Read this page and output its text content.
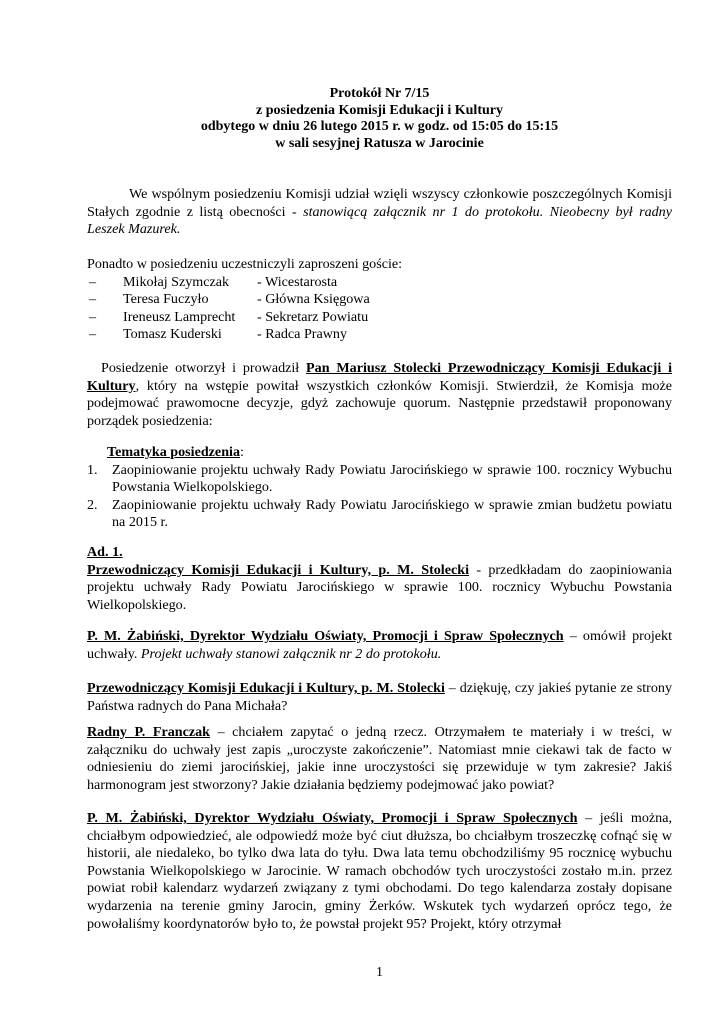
Protokół Nr 7/15
z posiedzenia Komisji Edukacji i Kultury
odbytego w dniu 26 lutego 2015 r. w godz. od 15:05 do 15:15
w sali sesyjnej Ratusza w Jarocinie

We wspólnym posiedzeniu Komisji udział wzięli wszyscy członkowie poszczególnych Komisji Stałych zgodnie z listą obecności - stanowiącą załącznik nr 1 do protokołu. Nieobecny był radny Leszek Mazurek.

Ponadto w posiedzeniu uczestniczyli zaproszeni goście:

– Mikołaj Szymczak - Wicestarosta
– Teresa Fuczyło	- Główna Księgowa
– Ireneusz Lamprecht - Sekretarz Powiatu
– Tomasz Kuderski - Radca Prawny

Posiedzenie otworzył i prowadził Pan Mariusz Stolecki Przewodniczący Komisji Edukacji i Kultury, który na wstępie powitał wszystkich członków Komisji. Stwierdził, że Komisja może podejmować prawomocne decyzje, gdyż zachowuje quorum. Następnie przedstawił proponowany porządek posiedzenia:

Tematyka posiedzenia:

1. Zaopiniowanie projektu uchwały Rady Powiatu Jarocińskiego w sprawie 100. rocznicy Wybuchu Powstania Wielkopolskiego.
2. Zaopiniowanie projektu uchwały Rady Powiatu Jarocińskiego w sprawie zmian budżetu powiatu na 2015 r.

Ad. 1.

Przewodniczący Komisji Edukacji i Kultury, p. M. Stolecki - przedkładam do zaopiniowania projektu uchwały Rady Powiatu Jarocińskiego w sprawie 100. rocznicy Wybuchu Powstania Wielkopolskiego.

P. M. Żabiński, Dyrektor Wydziału Oświaty, Promocji i Spraw Społecznych – omówił projekt uchwały. Projekt uchwały stanowi załącznik nr 2 do protokołu.

Przewodniczący Komisji Edukacji i Kultury, p. M. Stolecki – dziękuję, czy jakieś pytanie ze strony Państwa radnych do Pana Michała?

Radny P. Franczak – chciałem zapytać o jedną rzecz. Otrzymałem te materiały i w treści, w załączniku do uchwały jest zapis „uroczyste zakończenie”. Natomiast mnie ciekawi tak de facto w odniesieniu do ziemi jarocińskiej, jakie inne uroczystości się przewiduje w tym zakresie? Jakiś harmonogram jest stworzony? Jakie działania będziemy podejmować jako powiat?

P. M. Żabiński, Dyrektor Wydziału Oświaty, Promocji i Spraw Społecznych – jeśli można, chciałbym odpowiedzieć, ale odpowiedź może być ciut dłuższa, bo chciałbym troszeczkę cofnąć się w historii, ale niedaleko, bo tylko dwa lata do tyłu. Dwa lata temu obchodziliśmy 95 rocznicę wybuchu Powstania Wielkopolskiego w Jarocinie. W ramach obchodów tych uroczystości zostało m.in. przez powiat robił kalendarz wydarzeń związany z tymi obchodami. Do tego kalendarza zostały dopisane wydarzenia na terenie gminy Jarocin, gminy Żerków. Wskutek tych wydarzeń oprócz tego, że powołaliśmy koordynatorów było to, że powstał projekt 95? Projekt, który otrzymał

1
